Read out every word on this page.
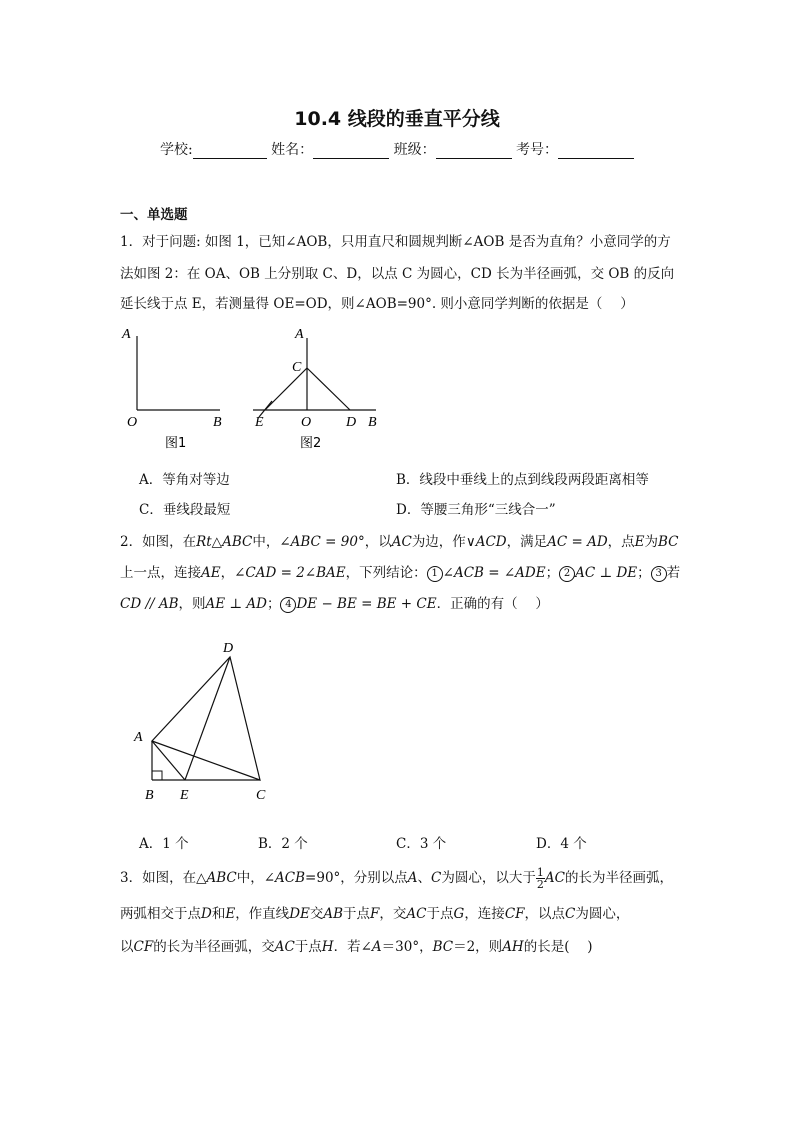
10.4 线段的垂直平分线
学校:	姓名：	班级：	考号：
一、单选题
1．对于问题: 如图 1，已知∠AOB，只用直尺和圆规判断∠AOB 是否为直角？小意同学的方
法如图 2：在 OA、OB 上分别取 C、D，以点 C 为圆心，CD 长为半径画弧，交 OB 的反向
延长线于点 E，若测量得 OE=OD，则∠AOB=90°. 则小意同学判断的依据是（　 ）
A
O	B
图1
A
C
E	O D B
图2
A．等角对等边	B．线段中垂线上的点到线段两段距离相等
C．垂线段最短	D．等腰三角形“三线合一”
2．如图，在Rt△ABC中，∠ABC = 90°，以AC为边，作∨ACD，满足AC = AD，点E为BC
上一点，连接AE，∠CAD = 2∠BAE，下列结论： 1 ∠ACB = ∠ADE； 2 AC ⊥ DE； 3 若
CD // AB，则AE ⊥ AD； 4 DE − BE = BE + CE．正确的有（　 ）
A
B	C
D
E
A．1 个	B．2 个	C．3 个	D．4 个
3．如图，在△ABC中，∠ACB=90°，分别以点A、C为圆心，以大于 $\frac{1}{2}$ AC的长为半径画弧，
两弧相交于点D和E，作直线DE交AB于点F，交AC于点G，连接CF，以点C为圆心，
以CF的长为半径画弧，交AC于点H．若∠A＝30°，BC＝2，则AH的长是(　 )
